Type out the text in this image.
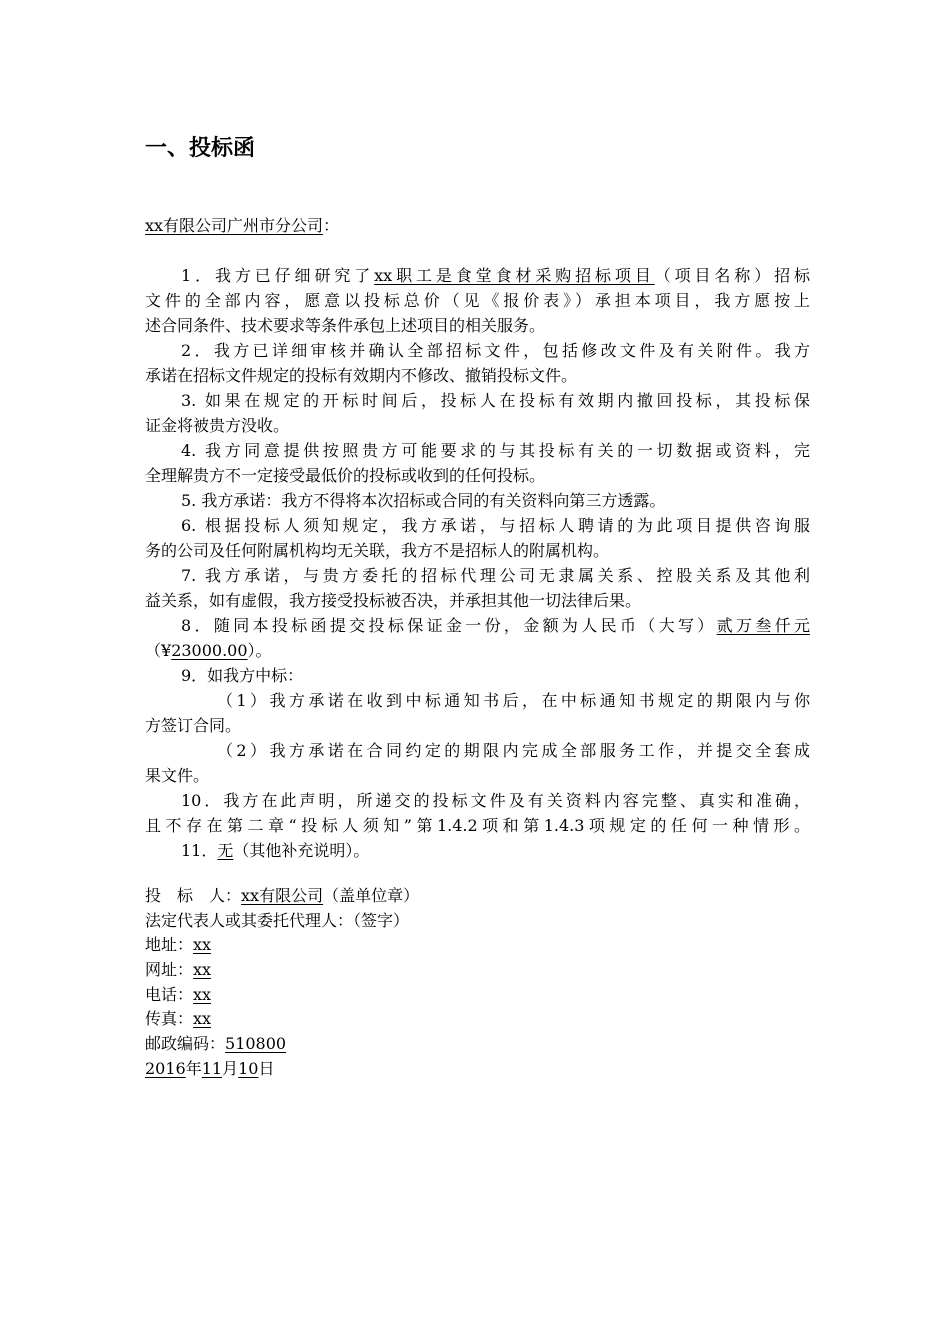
一、投标函
xx有限公司广州市分公司：
1．我方已仔细研究了xx职工是食堂食材采购招标项目（项目名称）招标
文件的全部内容，愿意以投标总价（见《报价表》）承担本项目，我方愿按上
述合同条件、技术要求等条件承包上述项目的相关服务。
2．我方已详细审核并确认全部招标文件，包括修改文件及有关附件。我方
承诺在招标文件规定的投标有效期内不修改、撤销投标文件。
3. 如果在规定的开标时间后，投标人在投标有效期内撤回投标，其投标保
证金将被贵方没收。
4. 我方同意提供按照贵方可能要求的与其投标有关的一切数据或资料，完
全理解贵方不一定接受最低价的投标或收到的任何投标。
5. 我方承诺：我方不得将本次招标或合同的有关资料向第三方透露。
6. 根据投标人须知规定，我方承诺，与招标人聘请的为此项目提供咨询服
务的公司及任何附属机构均无关联，我方不是招标人的附属机构。
7. 我方承诺，与贵方委托的招标代理公司无隶属关系、控股关系及其他利
益关系，如有虚假，我方接受投标被否决，并承担其他一切法律后果。
8．随同本投标函提交投标保证金一份，金额为人民币（大写）贰万叁仟元
（¥23000.00）。
9．如我方中标：
（1）我方承诺在收到中标通知书后，在中标通知书规定的期限内与你
方签订合同。
（2）我方承诺在合同约定的期限内完成全部服务工作，并提交全套成
果文件。
10．我方在此声明，所递交的投标文件及有关资料内容完整、真实和准确，
且不存在第二章“投标人须知”第1.4.2项和第1.4.3项规定的任何一种情形。
11．无（其他补充说明）。
投　标　人：xx有限公司（盖单位章）
法定代表人或其委托代理人：（签字）
地址：xx
网址：xx
电话：xx
传真：xx
邮政编码：510800
2016年11月10日
